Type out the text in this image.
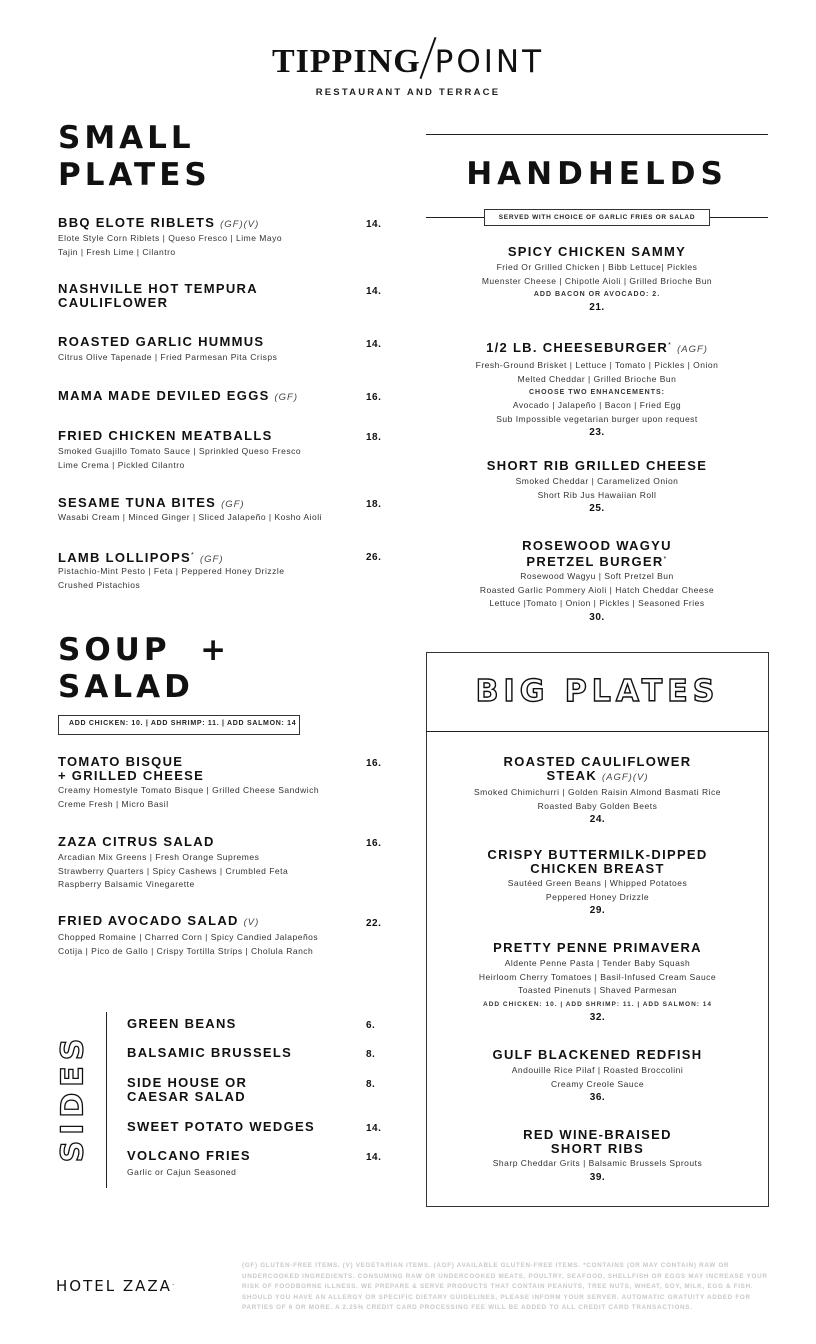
TIPPING POINT
RESTAURANT AND TERRACE
SMALL
PLATES
BBQ ELOTE RIBLETS (GF)(V)	14.
Elote Style Corn Riblets | Queso Fresco | Lime Mayo
Tajin | Fresh Lime | Cilantro
NASHVILLE HOT TEMPURA
CAULIFLOWER
14.
ROASTED GARLIC HUMMUS	14.
Citrus Olive Tapenade | Fried Parmesan Pita Crisps
MAMA MADE DEVILED EGGS (GF)	16.
FRIED CHICKEN MEATBALLS	18.
Smoked Guajillo Tomato Sauce | Sprinkled Queso Fresco
Lime Crema | Pickled Cilantro
SESAME TUNA BITES (GF)	18.
Wasabi Cream | Minced Ginger | Sliced Jalapeño | Kosho Aioli
LAMB LOLLIPOPS* (GF)	26.
Pistachio-Mint Pesto | Feta | Peppered Honey Drizzle
Crushed Pistachios
SOUP  +
SALAD
ADD CHICKEN: 10. | ADD SHRIMP: 11. | ADD SALMON: 14
TOMATO BISQUE
+ GRILLED CHEESE
16.
Creamy Homestyle Tomato Bisque | Grilled Cheese Sandwich
Creme Fresh | Micro Basil
ZAZA CITRUS SALAD	16.
Arcadian Mix Greens | Fresh Orange Supremes
Strawberry Quarters | Spicy Cashews | Crumbled Feta
Raspberry Balsamic Vinegarette
FRIED AVOCADO SALAD (V)	22.
Chopped Romaine | Charred Corn | Spicy Candied Jalapeños
Cotija | Pico de Gallo | Crispy Tortilla Strips | Cholula Ranch
SIDES
GREEN BEANS	6.
BALSAMIC BRUSSELS	8.
SIDE HOUSE OR
CAESAR SALAD
8.
SWEET POTATO WEDGES	14.
VOLCANO FRIES	14.
Garlic or Cajun Seasoned
HANDHELDS
SERVED WITH CHOICE OF GARLIC FRIES OR SALAD
SPICY CHICKEN SAMMY
Fried Or Grilled Chicken | Bibb Lettuce| Pickles
Muenster Cheese | Chipotle Aioli | Grilled Brioche Bun
ADD BACON OR AVOCADO: 2.
21.
1/2 LB. CHEESEBURGER* (AGF)
Fresh-Ground Brisket | Lettuce | Tomato | Pickles | Onion
Melted Cheddar | Grilled Brioche Bun
CHOOSE TWO ENHANCEMENTS:
Avocado | Jalapeño | Bacon | Fried Egg
Sub Impossible vegetarian burger upon request
23.
SHORT RIB GRILLED CHEESE
Smoked Cheddar | Caramelized Onion
Short Rib Jus Hawaiian Roll
25.
ROSEWOOD WAGYU
PRETZEL BURGER*
Rosewood Wagyu | Soft Pretzel Bun
Roasted Garlic Pommery Aioli | Hatch Cheddar Cheese
Lettuce |Tomato | Onion | Pickles | Seasoned Fries
30.
BIG PLATES
ROASTED CAULIFLOWER
STEAK (AGF)(V)
Smoked Chimichurri | Golden Raisin Almond Basmati Rice
Roasted Baby Golden Beets
24.
CRISPY BUTTERMILK-DIPPED
CHICKEN BREAST
Sautéed Green Beans | Whipped Potatoes
Peppered Honey Drizzle
29.
PRETTY PENNE PRIMAVERA
Aldente Penne Pasta | Tender Baby Squash
Heirloom Cherry Tomatoes | Basil-Infused Cream Sauce
Toasted Pinenuts | Shaved Parmesan
ADD CHICKEN: 10. | ADD SHRIMP: 11. | ADD SALMON: 14
32.
GULF BLACKENED REDFISH
Andouille Rice Pilaf | Roasted Broccolini
Creamy Creole Sauce
36.
RED WINE-BRAISED
SHORT RIBS
Sharp Cheddar Grits | Balsamic Brussels Sprouts
39.
HOTEL ZAZA.
(GF) GLUTEN-FREE ITEMS. (V) VEGETARIAN ITEMS. (AGF) AVAILABLE GLUTEN-FREE ITEMS. *CONTAINS (OR MAY CONTAIN) RAW OR UNDERCOOKED INGREDIENTS. CONSUMING RAW OR UNDERCOOKED MEATS, POULTRY, SEAFOOD, SHELLFISH OR EGGS MAY INCREASE YOUR RISK OF FOODBORNE ILLNESS. WE PREPARE & SERVE PRODUCTS THAT CONTAIN PEANUTS, TREE NUTS, WHEAT, SOY, MILK, EGG & FISH. SHOULD YOU HAVE AN ALLERGY OR SPECIFIC DIETARY GUIDELINES, PLEASE INFORM YOUR SERVER. AUTOMATIC GRATUITY ADDED FOR PARTIES OF 6 OR MORE. A 2.25% CREDIT CARD PROCESSING FEE WILL BE ADDED TO ALL CREDIT CARD TRANSACTIONS.
